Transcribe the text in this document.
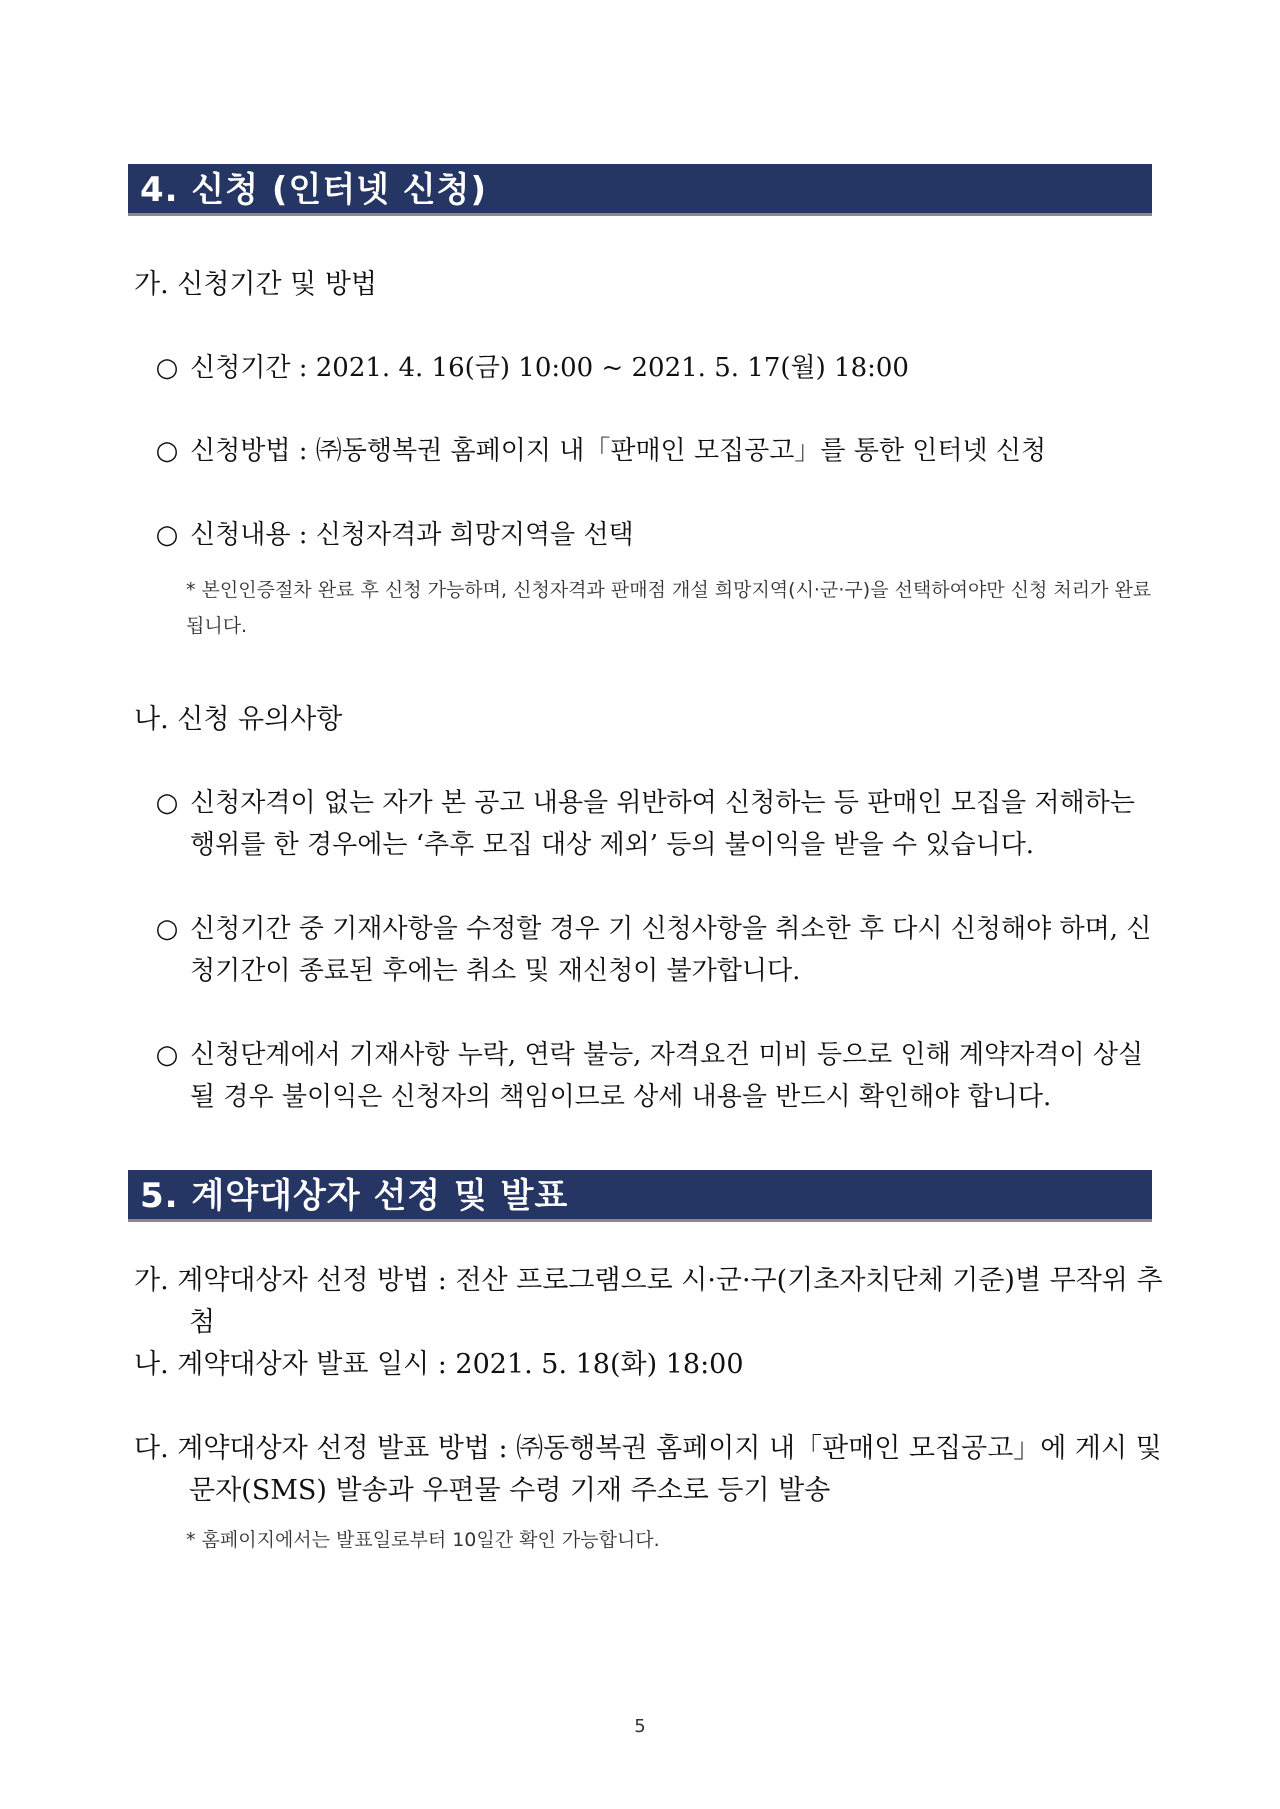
4. 신청 (인터넷 신청)
가. 신청기간 및 방법
○ 신청기간 : 2021. 4. 16(금) 10:00 ~ 2021. 5. 17(월) 18:00
○ 신청방법 : ㈜동행복권 홈페이지 내「판매인 모집공고」를 통한 인터넷 신청
○ 신청내용 : 신청자격과 희망지역을 선택
* 본인인증절차 완료 후 신청 가능하며, 신청자격과 판매점 개설 희망지역(시·군·구)을 선택하여야만 신청 처리가 완료됩니다.
나. 신청 유의사항
○ 신청자격이 없는 자가 본 공고 내용을 위반하여 신청하는 등 판매인 모집을 저해하는 행위를 한 경우에는 ‘추후 모집 대상 제외’ 등의 불이익을 받을 수 있습니다.
○ 신청기간 중 기재사항을 수정할 경우 기 신청사항을 취소한 후 다시 신청해야 하며, 신청기간이 종료된 후에는 취소 및 재신청이 불가합니다.
○ 신청단계에서 기재사항 누락, 연락 불능, 자격요건 미비 등으로 인해 계약자격이 상실될 경우 불이익은 신청자의 책임이므로 상세 내용을 반드시 확인해야 합니다.
5. 계약대상자 선정 및 발표
가. 계약대상자 선정 방법 : 전산 프로그램으로 시·군·구(기초자치단체 기준)별 무작위 추첨
나. 계약대상자 발표 일시 : 2021. 5. 18(화) 18:00
다. 계약대상자 선정 발표 방법 : ㈜동행복권 홈페이지 내「판매인 모집공고」에 게시 및 문자(SMS) 발송과 우편물 수령 기재 주소로 등기 발송
* 홈페이지에서는 발표일로부터 10일간 확인 가능합니다.
5
